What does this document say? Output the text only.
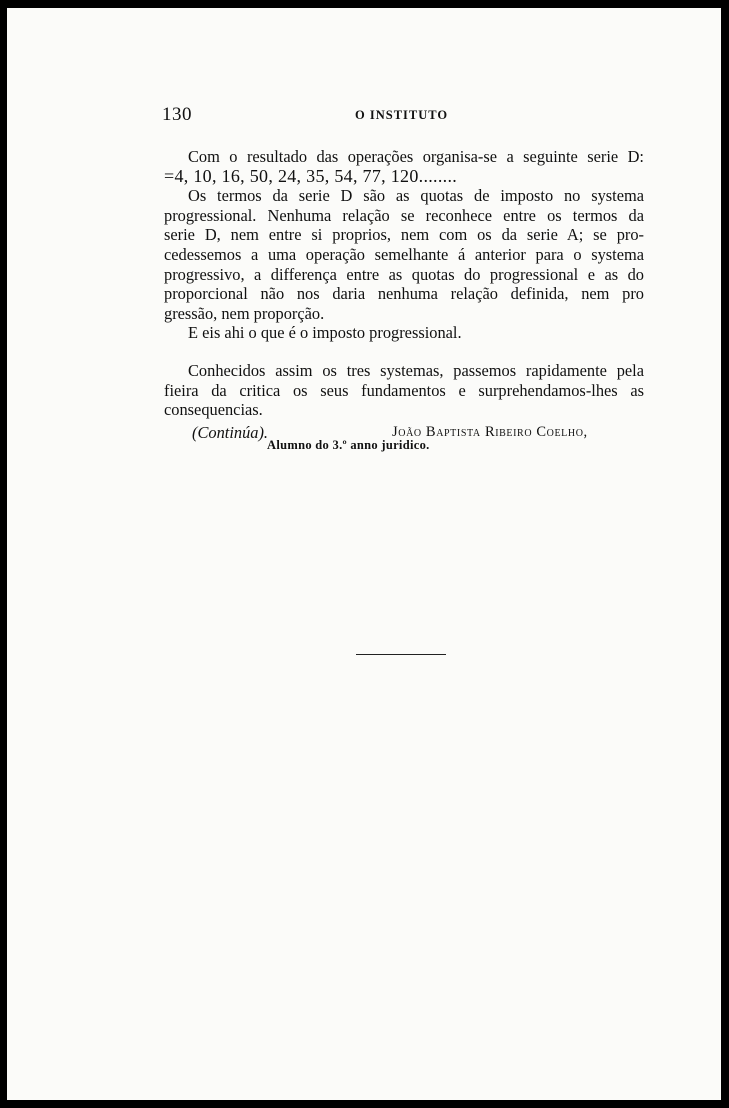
130	O INSTITUTO

Com o resultado das operações organisa-se a seguinte serie D:
=4, 10, 16, 50, 24, 35, 54, 77, 120........

Os termos da serie D são as quotas de imposto no systema
progressional. Nenhuma relação se reconhece entre os termos da
serie D, nem entre si proprios, nem com os da serie A; se pro-
cedessemos a uma operação semelhante á anterior para o systema
progressivo, a differença entre as quotas do progressional e as do
proporcional não nos daria nenhuma relação definida, nem pro
gressão, nem proporção.

E eis ahi o que é o imposto progressional.

Conhecidos assim os tres systemas, passemos rapidamente pela
fieira da critica os seus fundamentos e surprehendamos-lhes as
consequencias.

(Continúa).	João Baptista Ribeiro Coelho,
Alumno do 3.º anno juridico.
